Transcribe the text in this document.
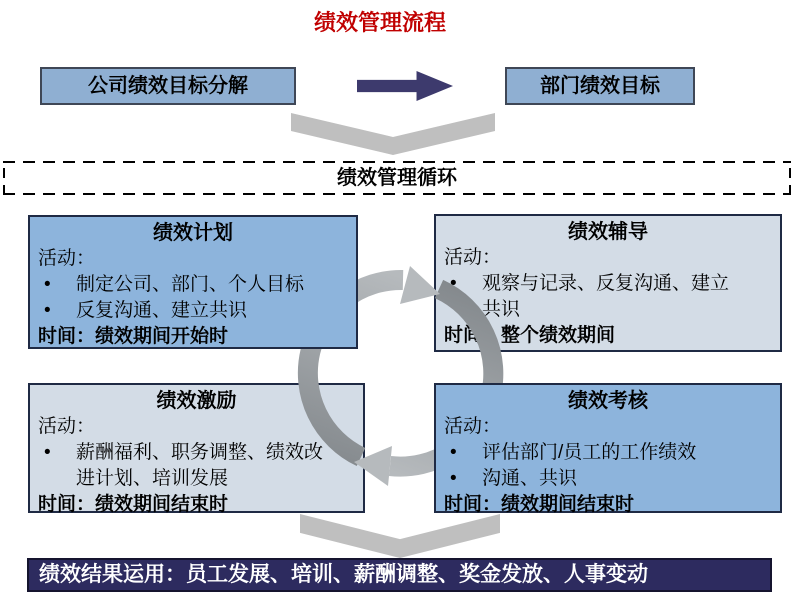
绩效管理流程
公司绩效目标分解	部门绩效目标
绩效管理循环
绩效计划
活动：
•	制定公司、部门、个人目标
•	反复沟通、建立共识
时间：绩效期间开始时
绩效辅导
活动：
•	观察与记录、反复沟通、建立
共识
时间：整个绩效期间
绩效激励
活动：
•	薪酬福利、职务调整、绩效改
进计划、培训发展
时间：绩效期间结束时
绩效考核
活动：
•	评估部门/员工的工作绩效
•	沟通、共识
时间：绩效期间结束时
绩效结果运用：员工发展、培训、薪酬调整、奖金发放、人事变动
